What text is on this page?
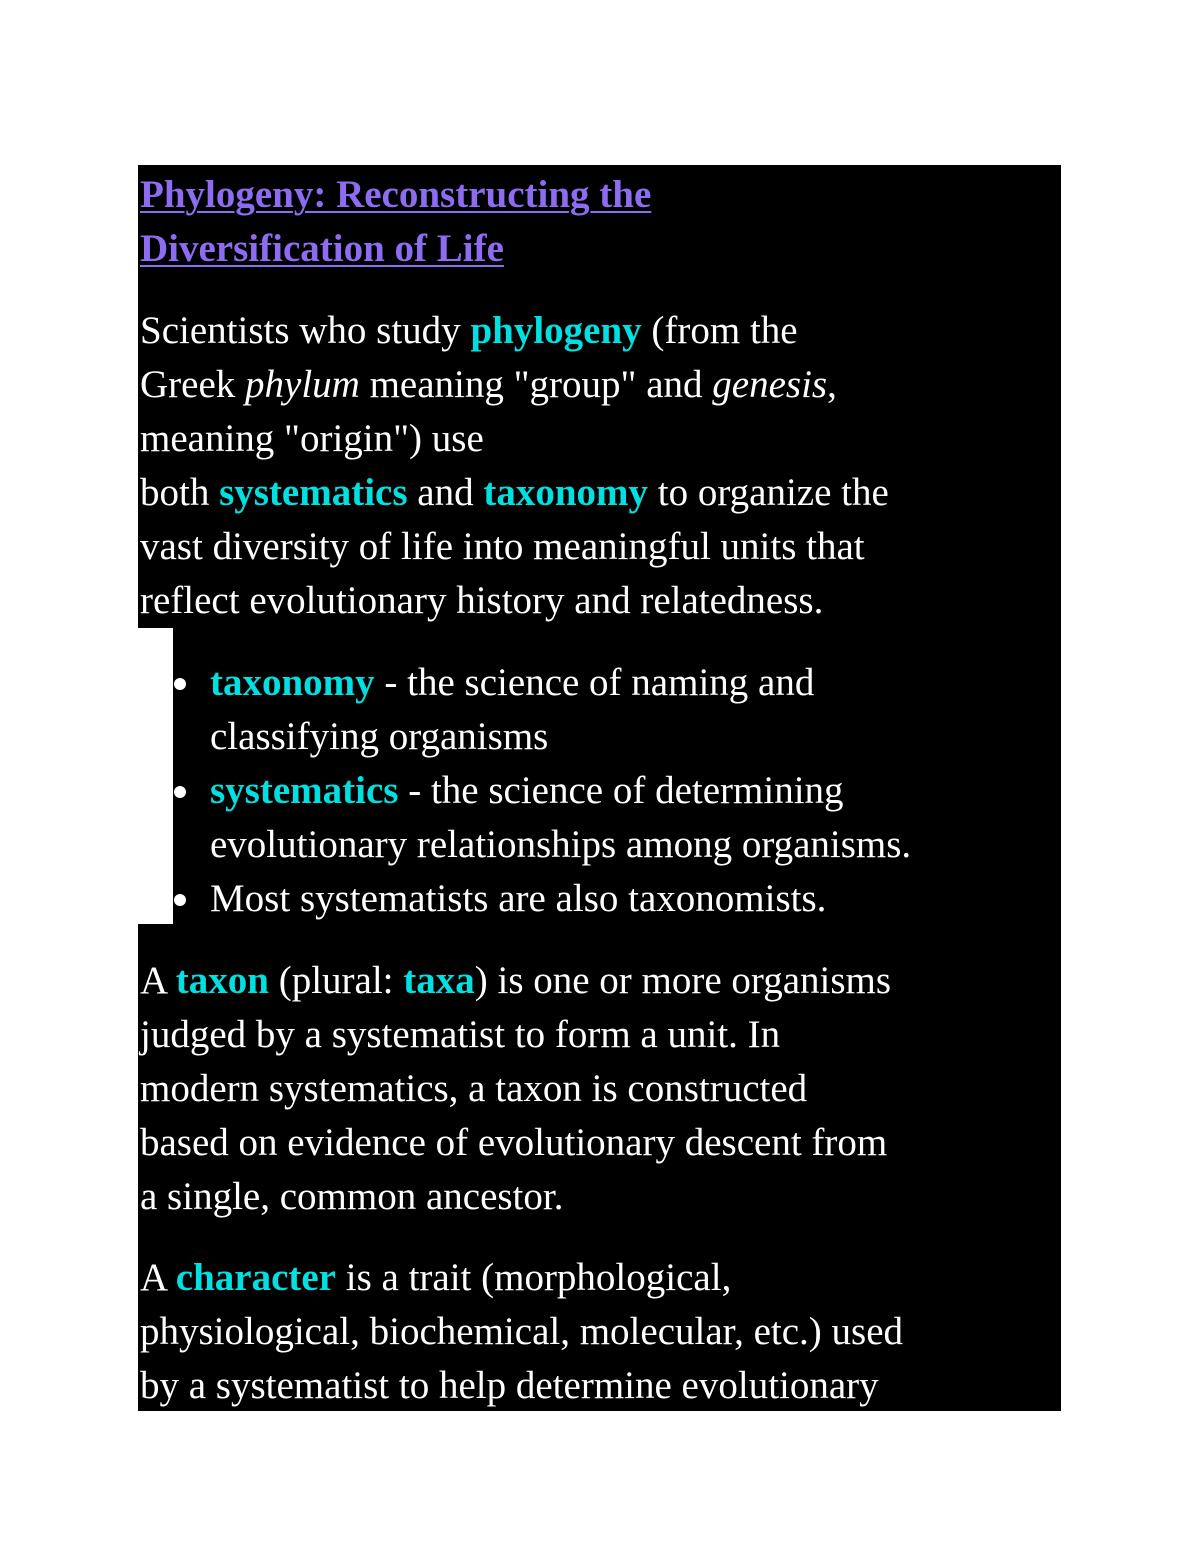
Phylogeny: Reconstructing the
Diversification of Life

Scientists who study phylogeny (from the
Greek phylum meaning "group" and genesis,
meaning "origin") use
both systematics and taxonomy to organize the
vast diversity of life into meaningful units that
reflect evolutionary history and relatedness.

taxonomy - the science of naming and
classifying organisms
systematics - the science of determining
evolutionary relationships among organisms.
Most systematists are also taxonomists.

A taxon (plural: taxa) is one or more organisms
judged by a systematist to form a unit. In
modern systematics, a taxon is constructed
based on evidence of evolutionary descent from
a single, common ancestor.

A character is a trait (morphological,
physiological, biochemical, molecular, etc.) used
by a systematist to help determine evolutionary
